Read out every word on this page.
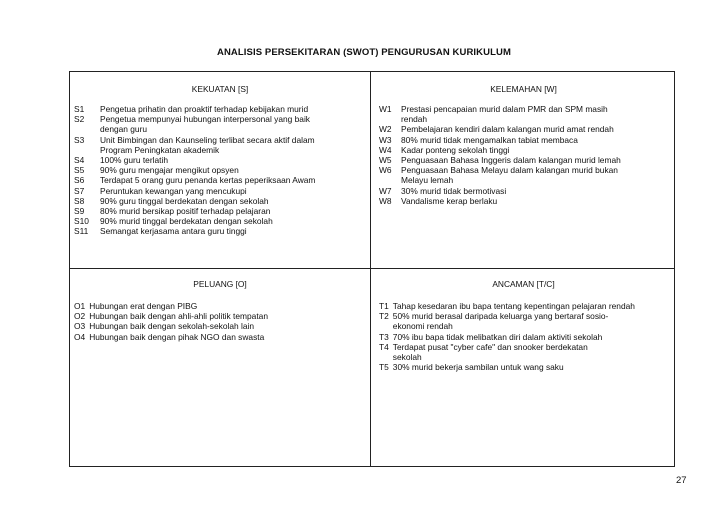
ANALISIS PERSEKITARAN (SWOT) PENGURUSAN KURIKULUM
KEKUATAN [S]
S1	Pengetua prihatin dan proaktif terhadap kebijakan murid
S2	Pengetua mempunyai hubungan interpersonal yang baik
dengan guru
S3	Unit Bimbingan dan Kaunseling terlibat secara aktif dalam
Program Peningkatan akademik
S4	100% guru terlatih
S5	90% guru mengajar mengikut opsyen
S6	Terdapat 5 orang guru penanda kertas peperiksaan Awam
S7	Peruntukan kewangan yang mencukupi
S8	90% guru tinggal berdekatan dengan sekolah
S9	80% murid bersikap positif terhadap pelajaran
S10	90% murid tinggal berdekatan dengan sekolah
S11	Semangat kerjasama antara guru tinggi
KELEMAHAN [W]
W1	Prestasi pencapaian murid dalam PMR dan SPM masih
rendah
W2	Pembelajaran kendiri dalam kalangan murid amat rendah
W3	80% murid tidak mengamalkan tabiat membaca
W4	Kadar ponteng sekolah tinggi
W5	Penguasaan Bahasa Inggeris dalam kalangan murid lemah
W6	Penguasaan Bahasa Melayu dalam kalangan murid bukan
Melayu lemah
W7	30% murid tidak bermotivasi
W8	Vandalisme kerap berlaku
PELUANG [O]
O1 Hubungan erat dengan PIBG
O2 Hubungan baik dengan ahli-ahli politik tempatan
O3 Hubungan baik dengan sekolah-sekolah lain
O4 Hubungan baik dengan pihak NGO dan swasta
ANCAMAN [T/C]
T1 Tahap kesedaran ibu bapa tentang kepentingan pelajaran rendah
T2 50% murid berasal daripada keluarga yang bertaraf sosio-
ekonomi rendah
T3 70% ibu bapa tidak melibatkan diri dalam aktiviti sekolah
T4 Terdapat pusat "cyber cafe" dan snooker berdekatan
sekolah
T5 30% murid bekerja sambilan untuk wang saku
27
